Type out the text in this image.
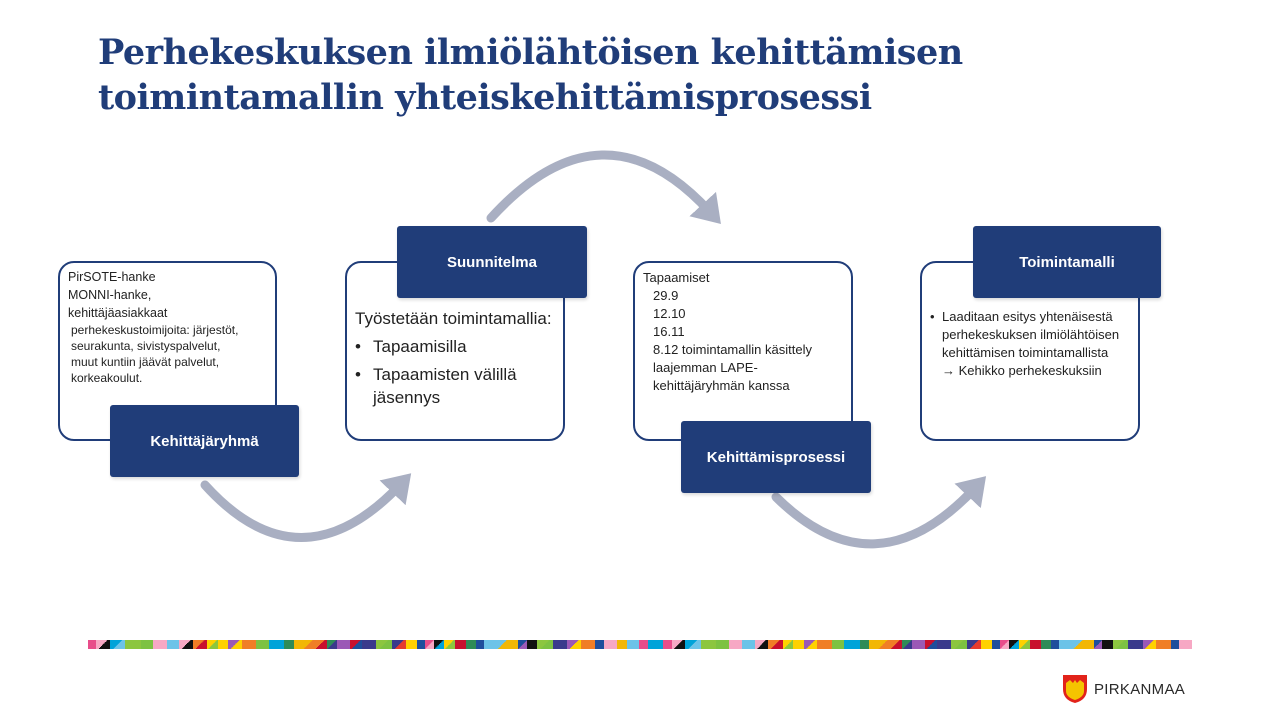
Perhekeskuksen ilmiölähtöisen kehittämisen
toimintamallin yhteiskehittämisprosessi
PirSOTE-hanke
MONNI-hanke,
kehittäjäasiakkaat
perhekeskustoimijoita: järjestöt,
seurakunta, sivistyspalvelut,
muut kuntiin jäävät palvelut,
korkeakoulut.
Kehittäjäryhmä
Työstetään toimintamallia:
• Tapaamisilla
• Tapaamisten välillä jäsennys
Suunnitelma
Tapaamiset
29.9
12.10
16.11
8.12 toimintamallin käsittely laajemman LAPE-kehittäjäryhmän kanssa
Kehittämisprosessi
• Laaditaan esitys yhtenäisestä perhekeskuksen ilmiölähtöisen kehittämisen toimintamallista
→ Kehikko perhekeskuksiin
Toimintamalli
PIRKANMAA
